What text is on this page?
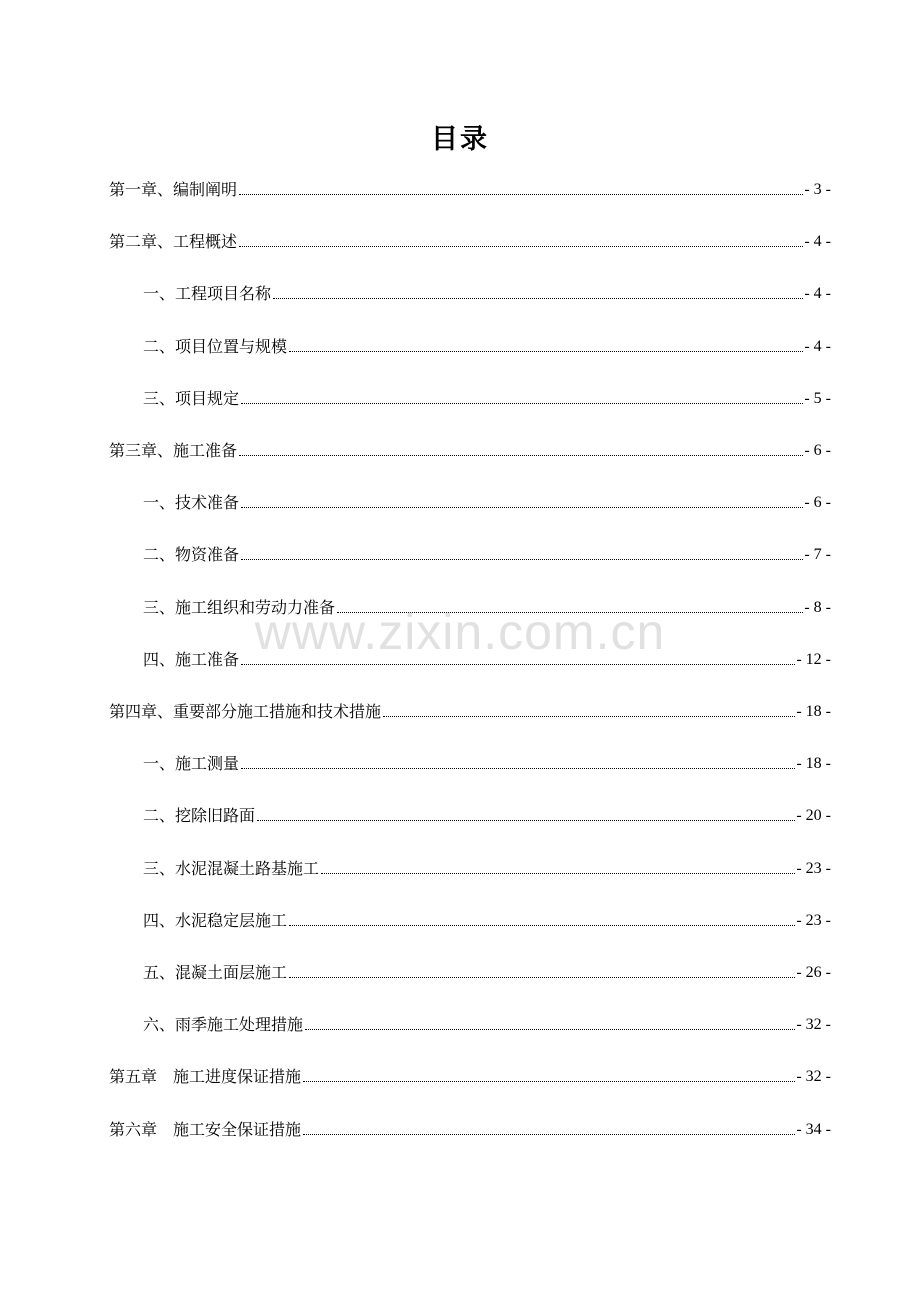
目录
第一章、编制阐明	- 3 -
第二章、工程概述	- 4 -
一、工程项目名称	- 4 -
二、项目位置与规模	- 4 -
三、项目规定	- 5 -
第三章、施工准备	- 6 -
一、技术准备	- 6 -
二、物资准备	- 7 -
三、施工组织和劳动力准备	- 8 -
四、施工准备	- 12 -
第四章、重要部分施工措施和技术措施	- 18 -
一、施工测量	- 18 -
二、挖除旧路面	- 20 -
三、水泥混凝土路基施工	- 23 -
四、水泥稳定层施工	- 23 -
五、混凝土面层施工	- 26 -
六、雨季施工处理措施	- 32 -
第五章　施工进度保证措施	- 32 -
第六章　施工安全保证措施	- 34 -
www.zixin.com.cn
